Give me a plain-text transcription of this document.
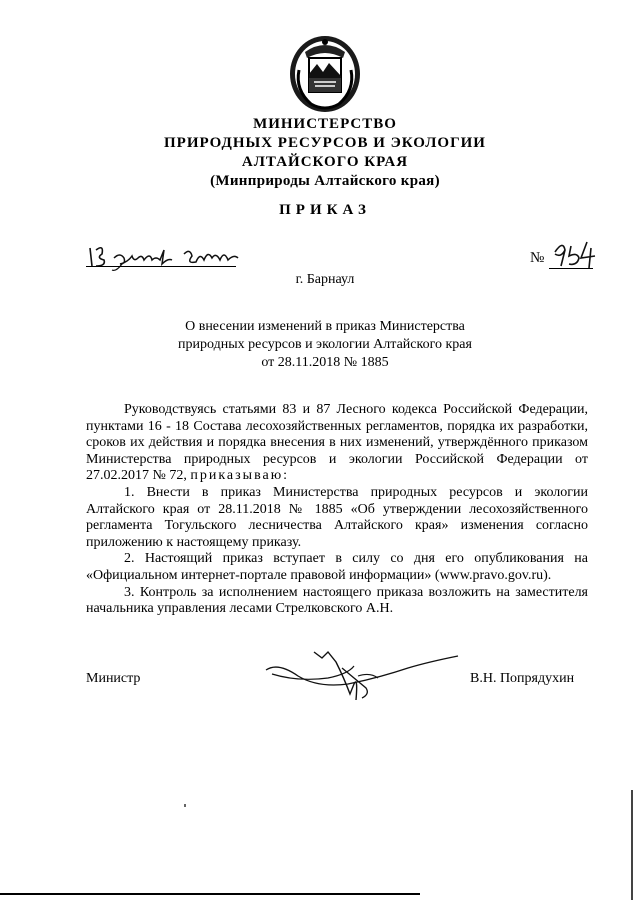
МИНИСТЕРСТВО
ПРИРОДНЫХ РЕСУРСОВ И ЭКОЛОГИИ
АЛТАЙСКОГО КРАЯ
(Минприроды Алтайского края)
ПРИКАЗ
№
г. Барнаул
О внесении изменений в приказ Министерства
природных ресурсов и экологии Алтайского края
от 28.11.2018 № 1885

Руководствуясь статьями 83 и 87 Лесного кодекса Российской Федерации, пунктами 16 - 18 Состава лесохозяйственных регламентов, порядка их разработки, сроков их действия и порядка внесения в них изменений, утверждённого приказом Министерства природных ресурсов и экологии Российской Федерации от 27.02.2017 № 72, приказываю:

1. Внести в приказ Министерства природных ресурсов и экологии Алтайского края от 28.11.2018 № 1885 «Об утверждении лесохозяйственного регламента Тогульского лесничества Алтайского края» изменения согласно приложению к настоящему приказу.

2. Настоящий приказ вступает в силу со дня его опубликования на «Официальном интернет-портале правовой информации» (www.pravo.gov.ru).

3. Контроль за исполнением настоящего приказа возложить на заместителя начальника управления лесами Стрелковского А.Н.

Министр	В.Н. Попрядухин
